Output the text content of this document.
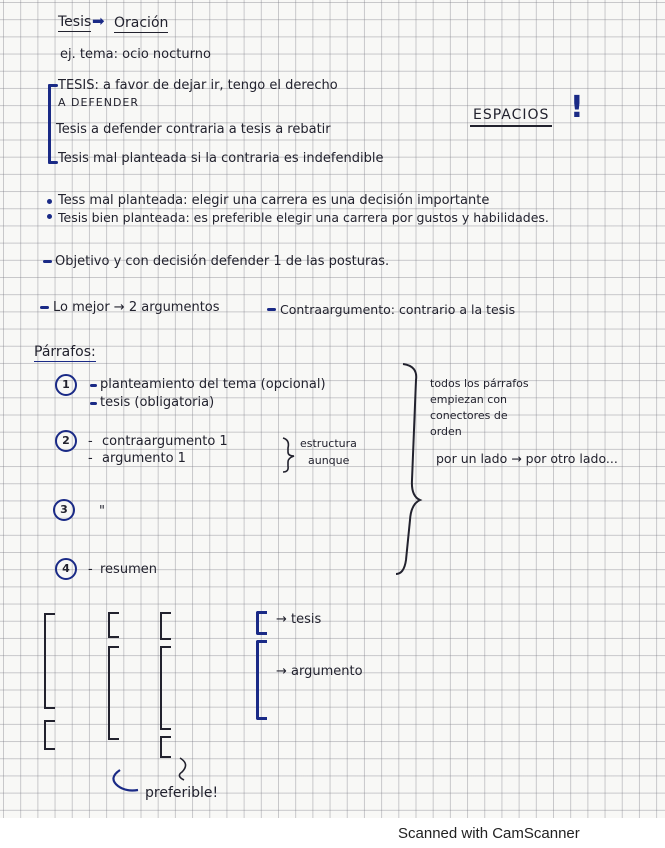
Tesis ➡ Oración
ej. tema: ocio nocturno
TESIS: a favor de dejar ir, tengo el derecho
A DEFENDER
Tesis a defender contraria a tesis a rebatir
Tesis mal planteada si la contraria es indefendible
ESPACIOS !
Tess mal planteada: elegir una carrera es una decisión importante
Tesis bien planteada: es preferible elegir una carrera por gustos y habilidades.
Objetivo y con decisión defender 1 de las posturas.
Lo mejor → 2 argumentos	Contraargumento: contrario a la tesis
Párrafos:
1	planteamiento del tema (opcional)
tesis (obligatoria)
2	- contraargumento 1
- argumento 1
estructura
aunque
3	"
4	- resumen
todos los párrafos
empiezan con
conectores de
orden
por un lado → por otro lado...
→ tesis
→ argumento
preferible!
Scanned with CamScanner
